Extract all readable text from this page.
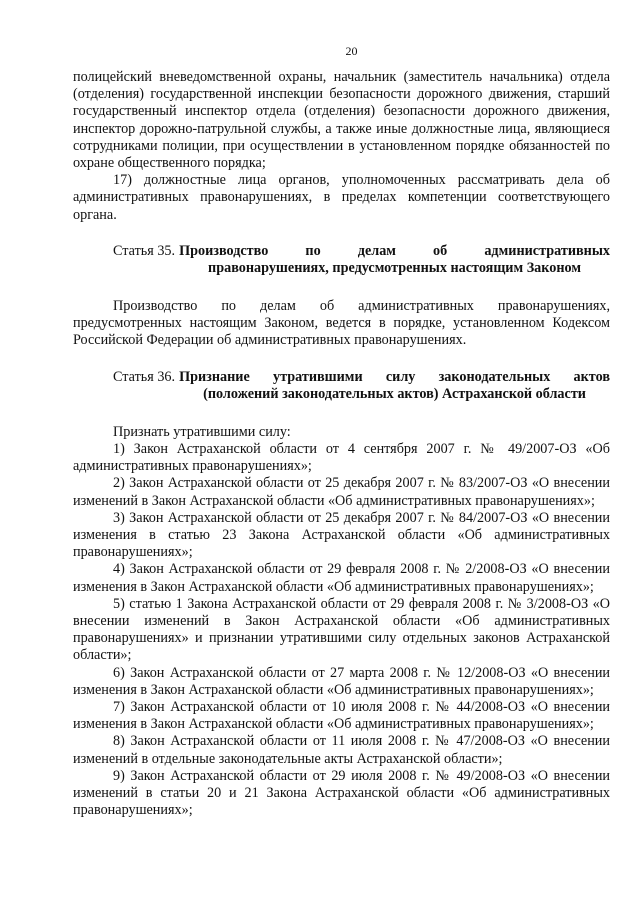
20

полицейский вневедомственной охраны, начальник (заместитель начальника) отдела (отделения) государственной инспекции безопасности дорожного движения, старший государственный инспектор отдела (отделения) безопасности дорожного движения, инспектор дорожно-патрульной службы, а также иные должностные лица, являющиеся сотрудниками полиции, при осуществлении в установленном порядке обязанностей по охране общественного порядка;

17) должностные лица органов, уполномоченных рассматривать дела об административных правонарушениях, в пределах компетенции соответствующего органа.

Статья 35. Производство по делам об административных
правонарушениях, предусмотренных настоящим Законом

Производство по делам об административных правонарушениях, предусмотренных настоящим Законом, ведется в порядке, установленном Кодексом Российской Федерации об административных правонарушениях.

Статья 36. Признание утратившими силу законодательных актов
(положений законодательных актов) Астраханской области

Признать утратившими силу:

1) Закон Астраханской области от 4 сентября 2007 г. № 49/2007-ОЗ «Об административных правонарушениях»;

2) Закон Астраханской области от 25 декабря 2007 г. № 83/2007-ОЗ «О внесении изменений в Закон Астраханской области «Об административных правонарушениях»;

3) Закон Астраханской области от 25 декабря 2007 г. № 84/2007-ОЗ «О внесении изменения в статью 23 Закона Астраханской области «Об административных правонарушениях»;

4) Закон Астраханской области от 29 февраля 2008 г. № 2/2008-ОЗ «О внесении изменения в Закон Астраханской области «Об административных правонарушениях»;

5) статью 1 Закона Астраханской области от 29 февраля 2008 г. № 3/2008-ОЗ «О внесении изменений в Закон Астраханской области «Об административных правонарушениях» и признании утратившими силу отдельных законов Астраханской области»;

6) Закон Астраханской области от 27 марта 2008 г. № 12/2008-ОЗ «О внесении изменения в Закон Астраханской области «Об административных правонарушениях»;

7) Закон Астраханской области от 10 июля 2008 г. № 44/2008-ОЗ «О внесении изменения в Закон Астраханской области «Об административных правонарушениях»;

8) Закон Астраханской области от 11 июля 2008 г. № 47/2008-ОЗ «О внесении изменений в отдельные законодательные акты Астраханской области»;

9) Закон Астраханской области от 29 июля 2008 г. № 49/2008-ОЗ «О внесении изменений в статьи 20 и 21 Закона Астраханской области «Об административных правонарушениях»;
